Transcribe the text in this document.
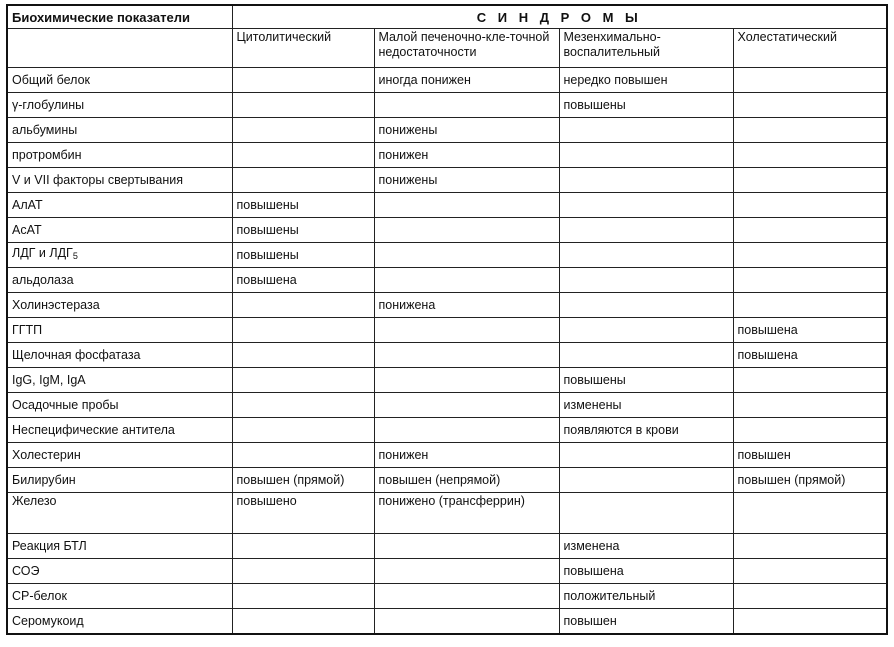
Биохимические показатели	С И Н Д Р О М Ы			
	Цитолитический	Малой печеночно-кле-точной недостаточности	Мезенхимально-воспалительный	Холестатический
Общий белок		иногда понижен	нередко повышен	
γ-глобулины			повышены	
альбумины		понижены		
протромбин		понижен		
V и VII факторы свертывания		понижены		
АлАТ	повышены			
АсАТ	повышены			
ЛДГ и $ЛДГ_5$	повышены			
альдолаза	повышена			
Холинэстераза		понижена		
ГГТП				повышена
Щелочная фосфатаза				повышена
IgG, IgM, IgA			повышены	
Осадочные пробы			изменены	
Неспецифические антитела			появляются в крови	
Холестерин		понижен		повышен
Билирубин	повышен (прямой)	повышен (непрямой)		повышен (прямой)
Железо	повышено	понижено (трансферрин)		
Реакция БТЛ			изменена	
СОЭ			повышена	
СР-белок			положительный	
Серомукоид			повышен	
